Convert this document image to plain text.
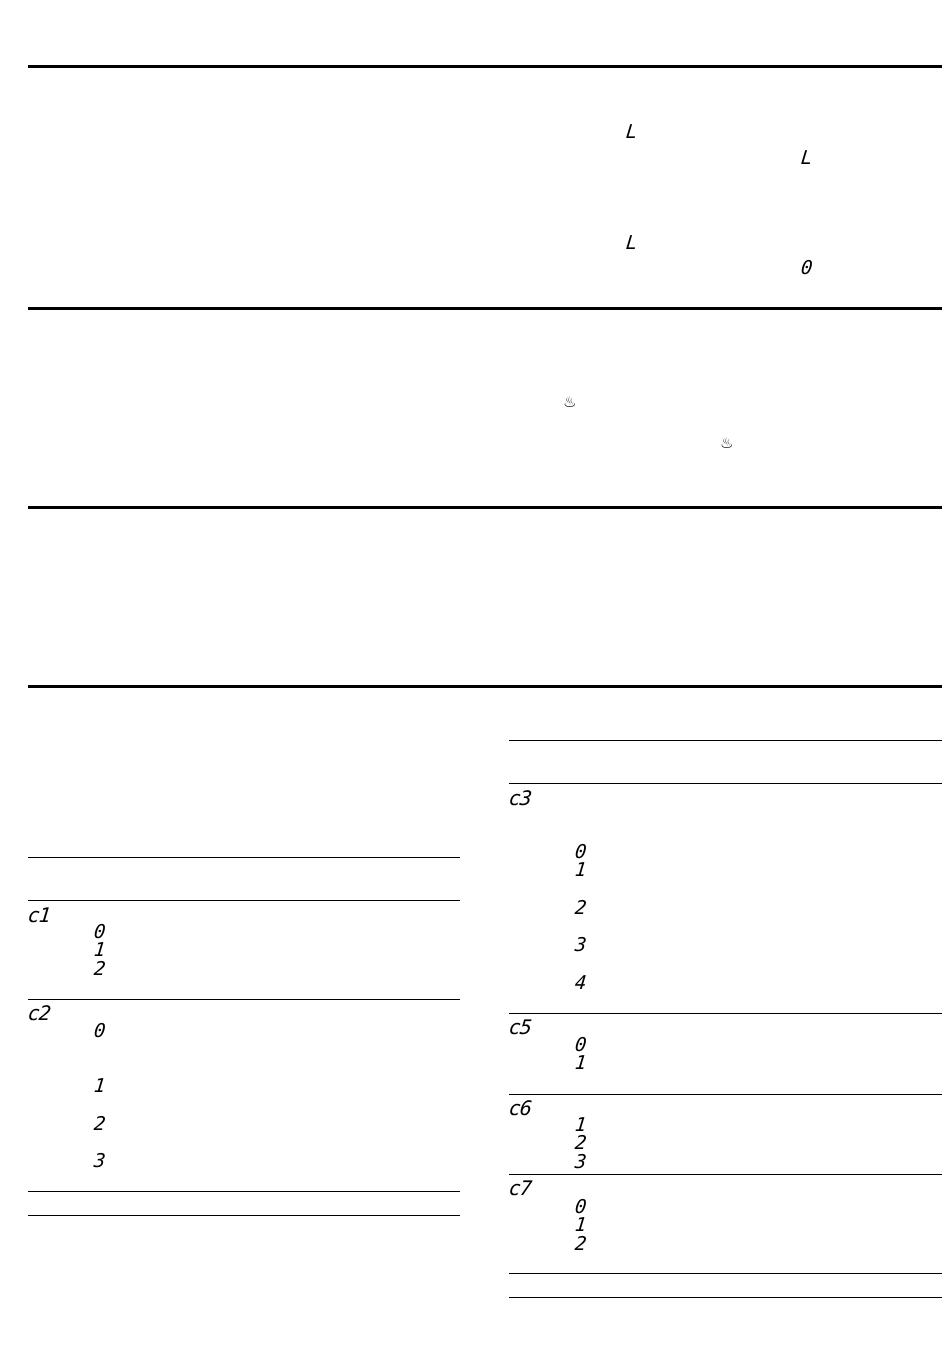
L
L
L
0
♨
♨
c1
0
1
2
c2
0
1
2
3
c3
0
1
2
3
4
c5
0
1
c6
1
2
3
c7
0
1
2
